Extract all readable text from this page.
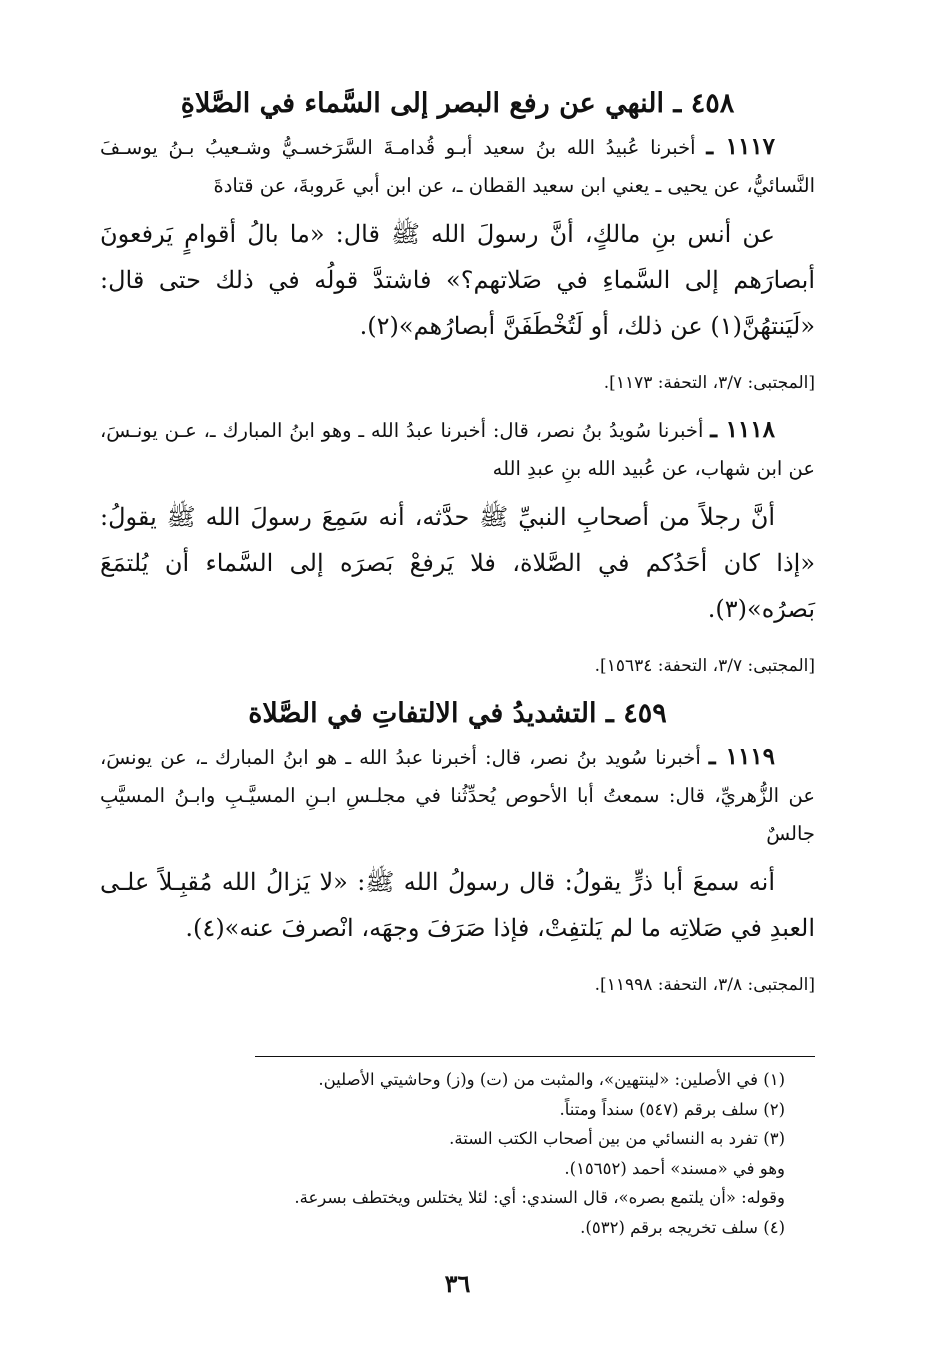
٤٥٨ ـ النهي عن رفع البصر إلى السَّماء في الصَّلاةِ

١١١٧ ـ أخبرنا عُبيدُ الله بنُ سعيد أبـو قُدامـةَ السَّرَخسـيُّ وشـعيبُ بـنُ يوسـفَ النَّسائيُّ، عن يحيى ـ يعني ابن سعيد القطان ـ، عن ابن أبي عَروبةَ، عن قتادةَ

عن أنس بنِ مالكٍ، أنَّ رسولَ الله ﷺ قال: «ما بالُ أقوامٍ يَرفعونَ أبصارَهم إلى السَّماءِ في صَلاتهم؟» فاشتدَّ قولُه في ذلك حتى قال: «لَيَنتهُنَّ(١) عن ذلك، أو لَتُخْطَفَنَّ أبصارُهم»(٢).

[المجتبى: ٣/٧، التحفة: ١١٧٣].

١١١٨ ـ أخبرنا سُويدُ بنُ نصر، قال: أخبرنا عبدُ الله ـ وهو ابنُ المبارك ـ، عـن يونـسَ، عن ابن شهاب، عن عُبيد الله بنِ عبدِ الله

أنَّ رجلاً من أصحابِ النبيِّ ﷺ حدَّثه، أنه سَمِعَ رسولَ الله ﷺ يقولُ: «إذا كان أحَدُكم في الصَّلاة، فلا يَرفعْ بَصرَه إلى السَّماء أن يُلتمَعَ بَصرُه»(٣).

[المجتبى: ٣/٧، التحفة: ١٥٦٣٤].

٤٥٩ ـ التشديدُ في الالتفاتِ في الصَّلاة

١١١٩ ـ أخبرنا سُويد بنُ نصر، قال: أخبرنا عبدُ الله ـ هو ابنُ المبارك ـ، عن يونسَ، عن الزُّهريِّ، قال: سمعتُ أبا الأحوص يُحدِّثُنا في مجلـسِ ابـنِ المسيَّـبِ وابـنُ المسيَّبِ جالسٌ

أنه سمعَ أبا ذرٍّ يقولُ: قال رسولُ الله ﷺ: «لا يَزالُ الله مُقبِـلاً علـى العبدِ في صَلاتِه ما لم يَلتفِتْ، فإذا صَرَفَ وجهَه، انْصرفَ عنه»(٤).

[المجتبى: ٣/٨، التحفة: ١١٩٩٨].

(١) في الأصلين: «لينتهين»، والمثبت من (ت) و(ز) وحاشيتي الأصلين.

(٢) سلف برقم (٥٤٧) سنداً ومتناً.

(٣) تفرد به النسائي من بين أصحاب الكتب الستة.

وهو في «مسند» أحمد (١٥٦٥٢).

وقوله: «أن يلتمع بصره»، قال السندي: أي: لئلا يختلس ويختطف بسرعة.

(٤) سلف تخريجه برقم (٥٣٢).

٣٦
